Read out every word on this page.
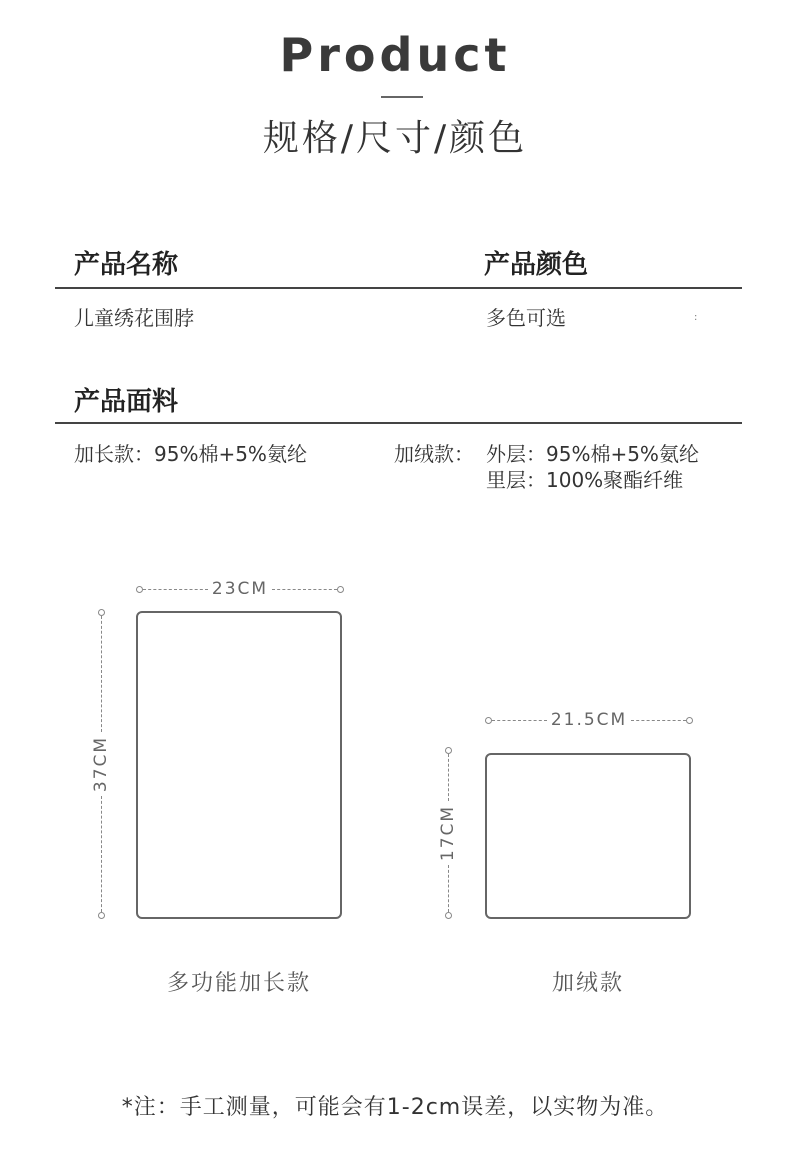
Product
规格/尺寸/颜色
产品名称	产品颜色
儿童绣花围脖	多色可选	:
产品面料
加长款：95%棉+5%氨纶	加绒款： 外层：95%棉+5%氨纶
里层：100%聚酯纤维
23CM
37CM
多功能加长款
21.5CM
17CM
加绒款
*注：手工测量，可能会有1-2cm误差，以实物为准。
